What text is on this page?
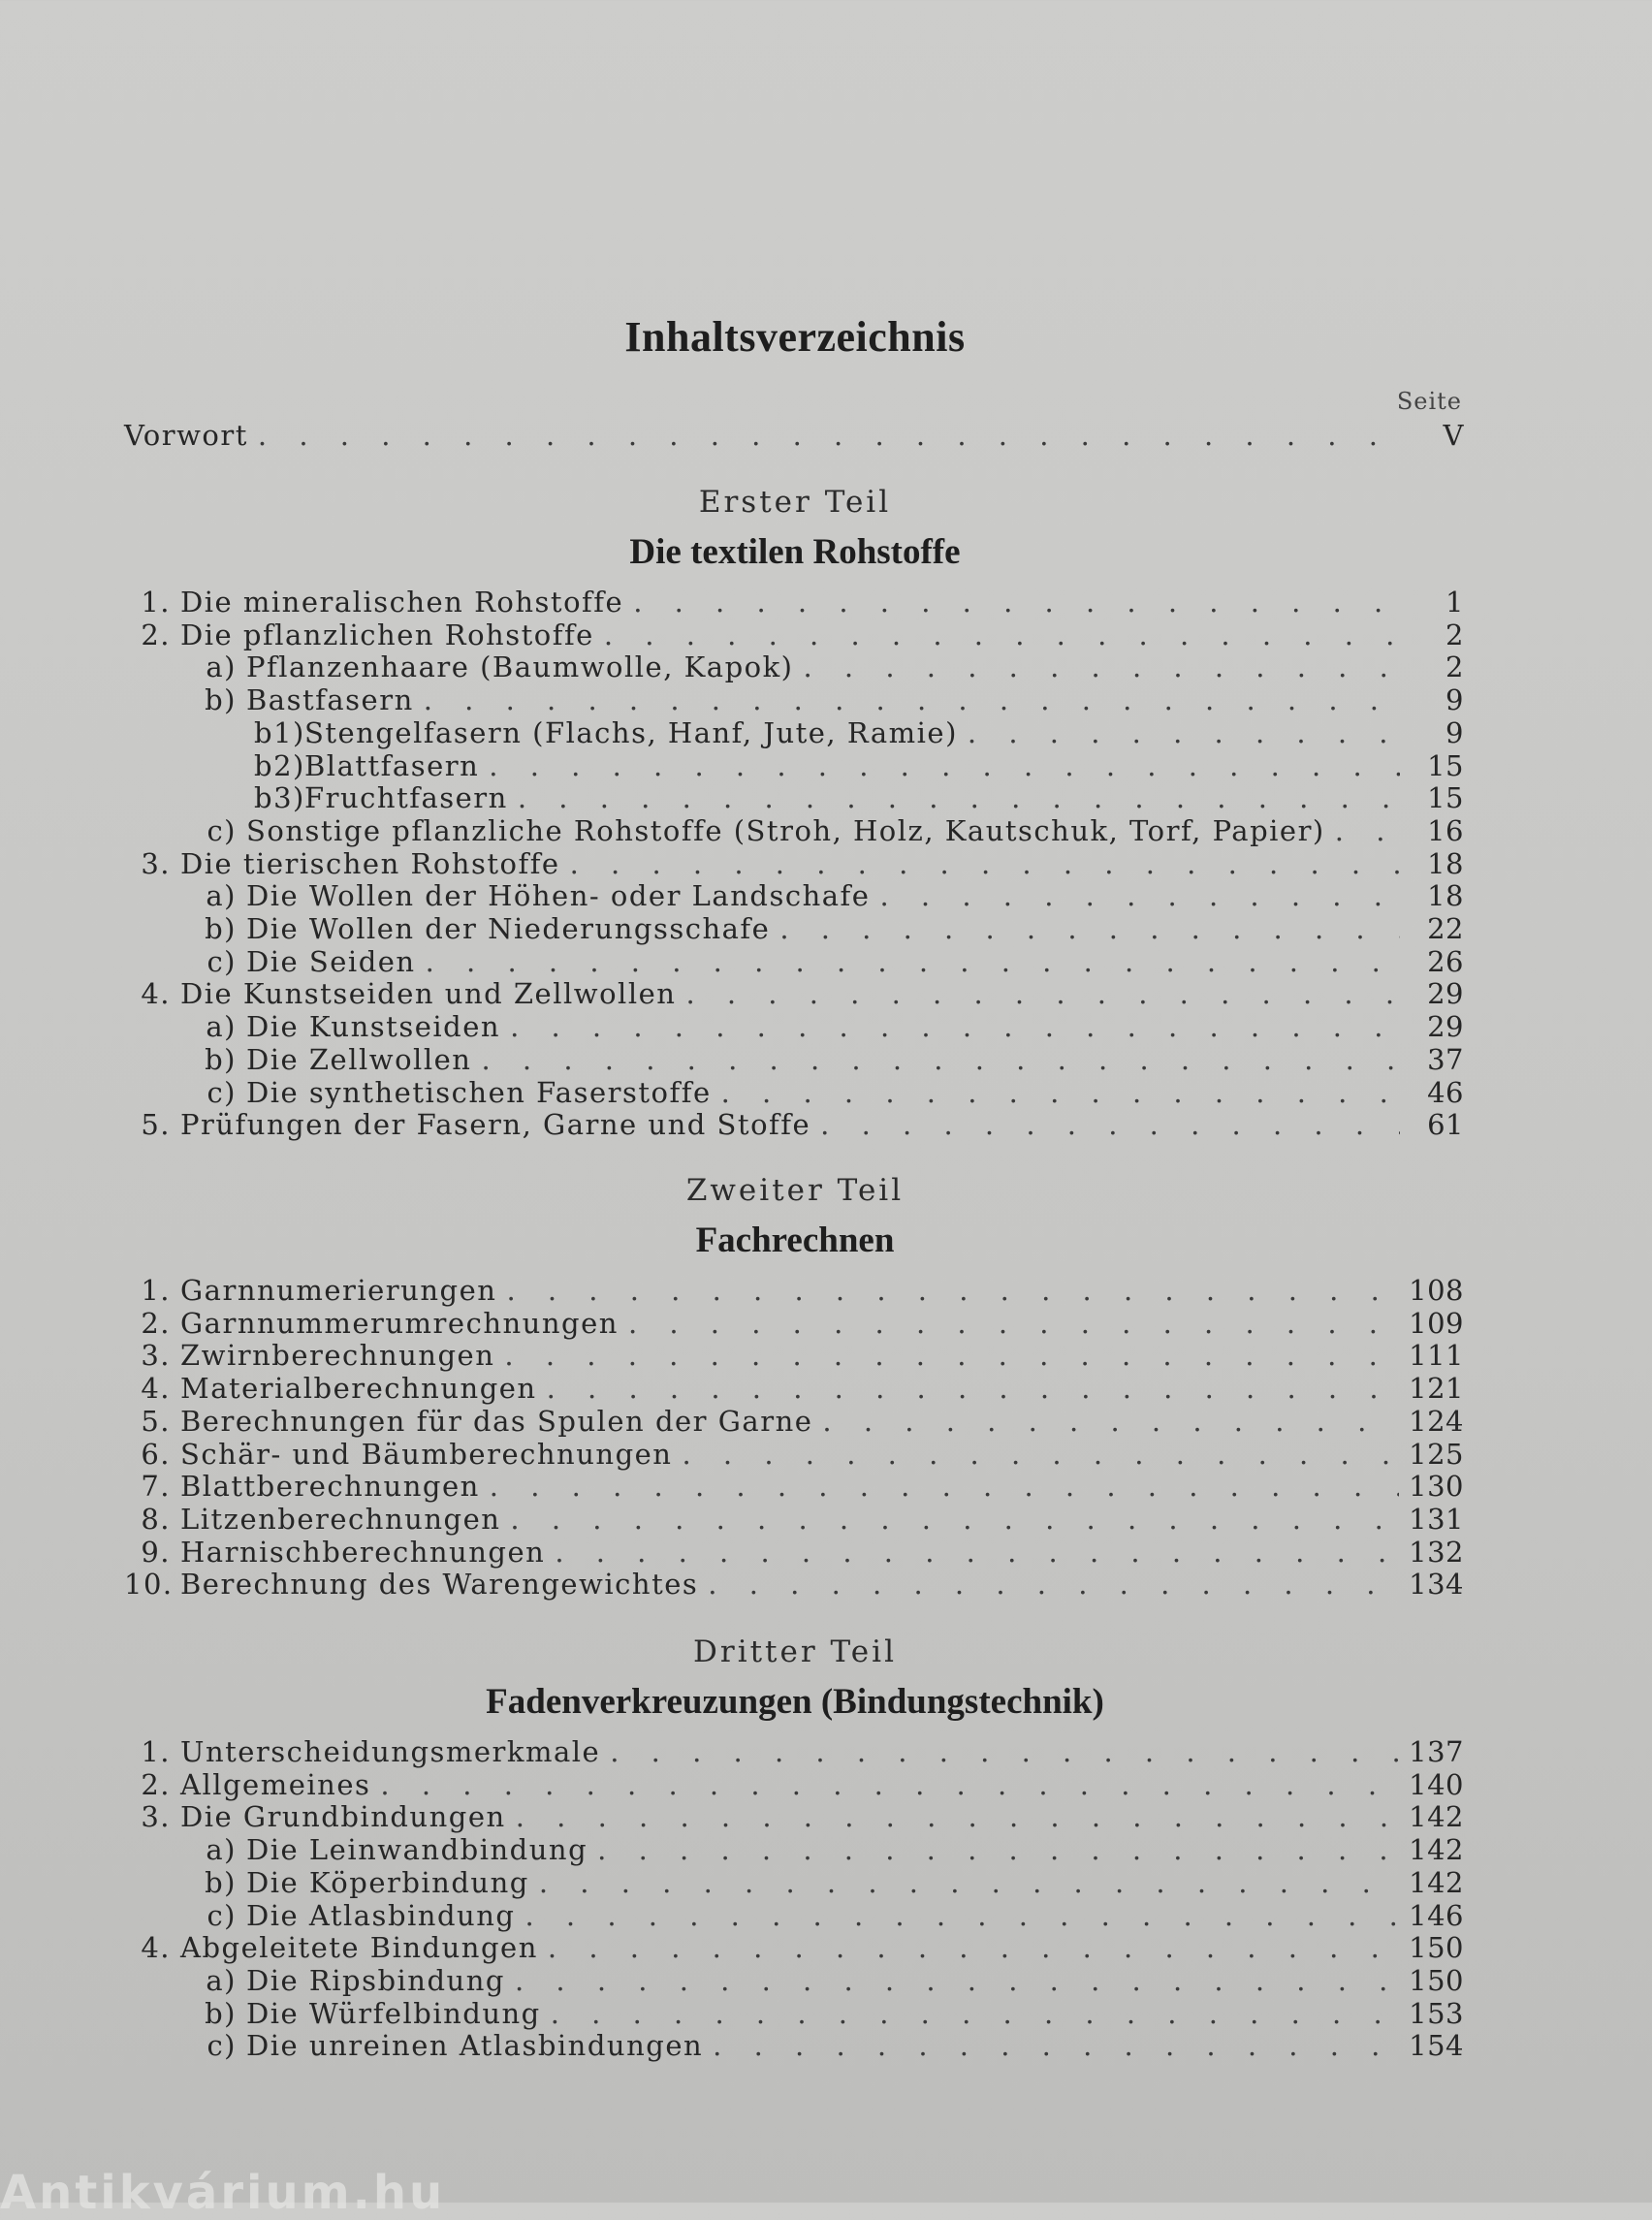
Inhaltsverzeichnis
Seite
Vorwort . . .	V
Erster Teil
Die textilen Rohstoffe
1. Die mineralischen Rohstoffe . . .	1
2. Die pflanzlichen Rohstoffe . . .	2
a) Pflanzenhaare (Baumwolle, Kapok) . . .	2
b) Bastfasern . . .	9
b1) Stengelfasern (Flachs, Hanf, Jute, Ramie) . . .	9
b2) Blattfasern . . .	15
b3) Fruchtfasern . . .	15
c) Sonstige pflanzliche Rohstoffe (Stroh, Holz, Kautschuk, Torf, Papier) . . .	16
3. Die tierischen Rohstoffe . . .	18
a) Die Wollen der Höhen- oder Landschafe . . .	18
b) Die Wollen der Niederungsschafe . . .	22
c) Die Seiden . . .	26
4. Die Kunstseiden und Zellwollen . . .	29
a) Die Kunstseiden . . .	29
b) Die Zellwollen . . .	37
c) Die synthetischen Faserstoffe . . .	46
5. Prüfungen der Fasern, Garne und Stoffe . . .	61
Zweiter Teil
Fachrechnen
1. Garnnumerierungen . . .	108
2. Garnnummerumrechnungen . . .	109
3. Zwirnberechnungen . . .	111
4. Materialberechnungen . . .	121
5. Berechnungen für das Spulen der Garne . . .	124
6. Schär- und Bäumberechnungen . . .	125
7. Blattberechnungen . . .	130
8. Litzenberechnungen . . .	131
9. Harnischberechnungen . . .	132
10. Berechnung des Warengewichtes . . .	134
Dritter Teil
Fadenverkreuzungen (Bindungstechnik)
1. Unterscheidungsmerkmale . . .	137
2. Allgemeines . . .	140
3. Die Grundbindungen . . .	142
a) Die Leinwandbindung . . .	142
b) Die Köperbindung . . .	142
c) Die Atlasbindung . . .	146
4. Abgeleitete Bindungen . . .	150
a) Die Ripsbindung . . .	150
b) Die Würfelbindung . . .	153
c) Die unreinen Atlasbindungen . . .	154
Antikvárium.hu
